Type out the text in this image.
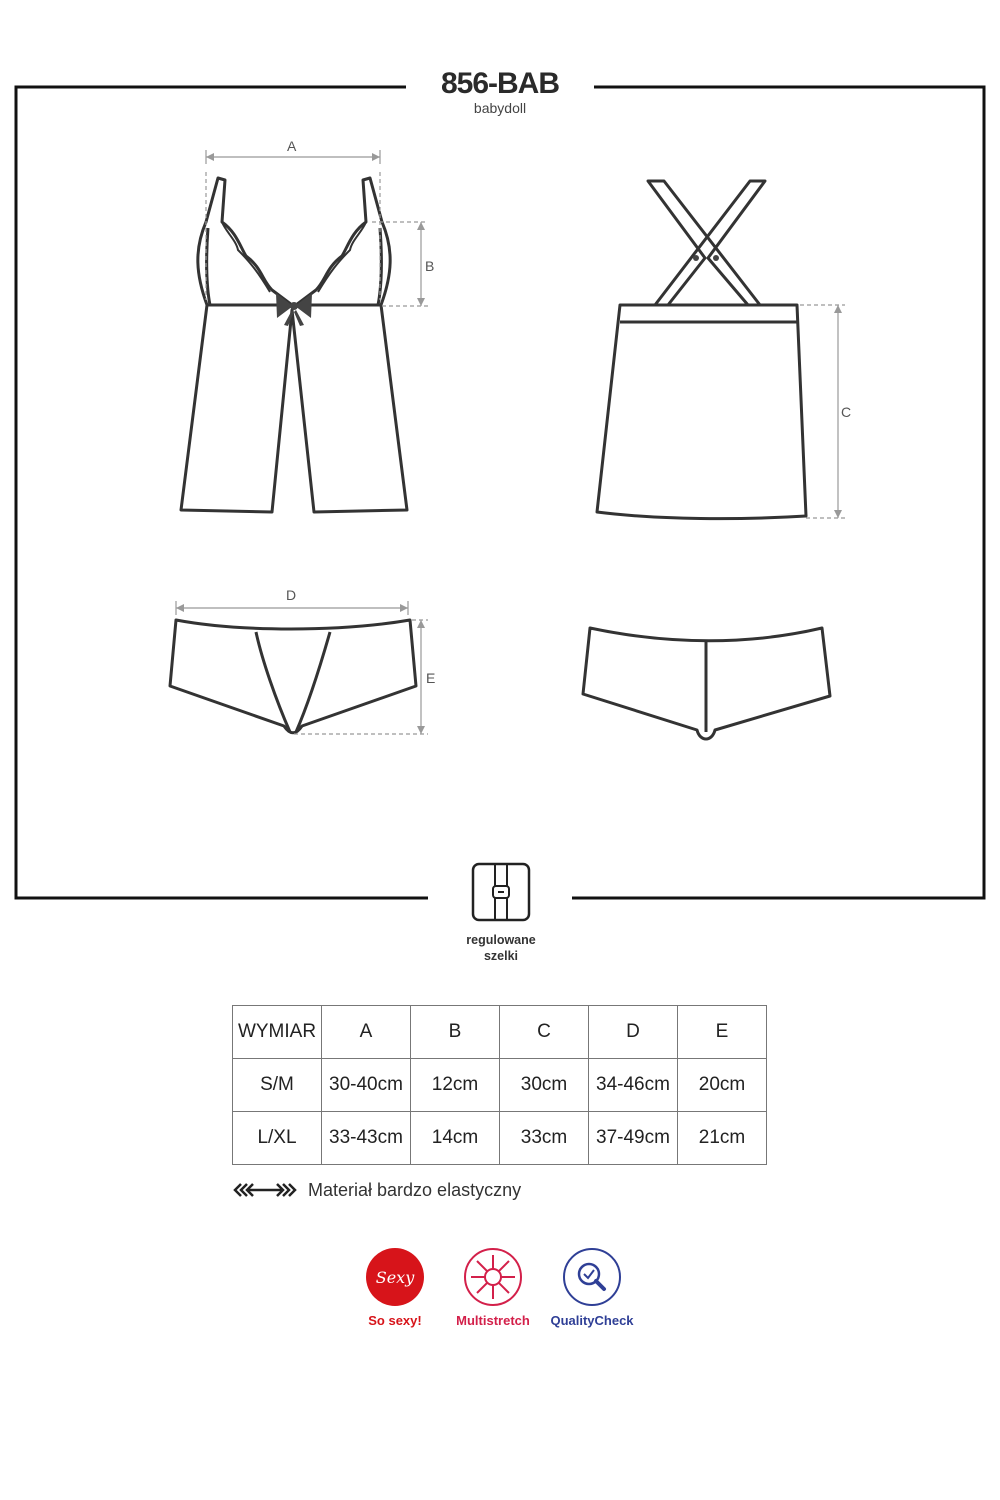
856-BAB
babydoll
A
B
C
D
E
regulowane
szelki
WYMIAR	A	B	C	D	E
S/M	30-40cm	12cm	30cm	34-46cm	20cm
L/XL	33-43cm	14cm	33cm	37-49cm	21cm
Materiał bardzo elastyczny
Sexy
So sexy!	Multistretch	QualityCheck
